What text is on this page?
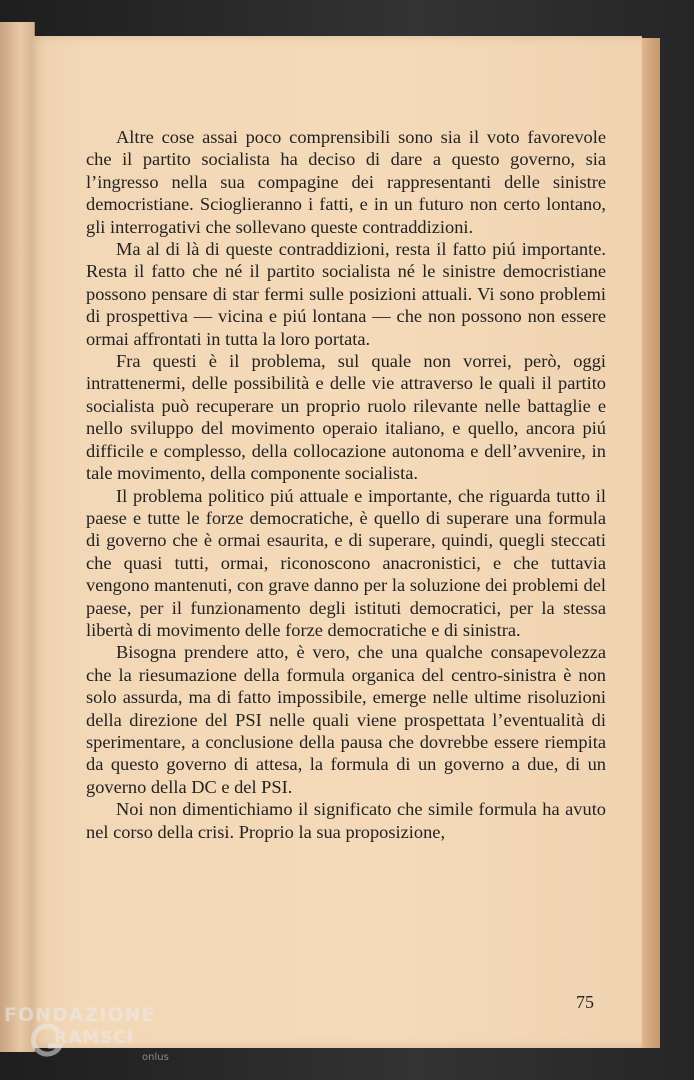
Altre cose assai poco comprensibili sono sia il voto favorevole che il partito socialista ha deciso di dare a questo governo, sia l’ingresso nella sua compagine dei rappresentanti delle sinistre democristiane. Scioglieranno i fatti, e in un futuro non certo lontano, gli interrogativi che sollevano queste contraddizioni.

Ma al di là di queste contraddizioni, resta il fatto piú importante. Resta il fatto che né il partito socialista né le sinistre democristiane possono pensare di star fermi sulle posizioni attuali. Vi sono problemi di prospettiva — vicina e piú lontana — che non possono non essere ormai affrontati in tutta la loro portata.

Fra questi è il problema, sul quale non vorrei, però, oggi intrattenermi, delle possibilità e delle vie attraverso le quali il partito socialista può recuperare un proprio ruolo rilevante nelle battaglie e nello sviluppo del movimento operaio italiano, e quello, ancora piú difficile e complesso, della collocazione autonoma e dell’avvenire, in tale movimento, della componente socialista.

Il problema politico piú attuale e importante, che riguarda tutto il paese e tutte le forze democratiche, è quello di superare una formula di governo che è ormai esaurita, e di superare, quindi, quegli steccati che quasi tutti, ormai, riconoscono anacronistici, e che tuttavia vengono mantenuti, con grave danno per la soluzione dei problemi del paese, per il funzionamento degli istituti democratici, per la stessa libertà di movimento delle forze democratiche e di sinistra.

Bisogna prendere atto, è vero, che una qualche consapevolezza che la riesumazione della formula organica del centro-sinistra è non solo assurda, ma di fatto impossibile, emerge nelle ultime risoluzioni della direzione del PSI nelle quali viene prospettata l’eventualità di sperimentare, a conclusione della pausa che dovrebbe essere riempita da questo governo di attesa, la formula di un governo a due, di un governo della DC e del PSI.

Noi non dimentichiamo il significato che simile formula ha avuto nel corso della crisi. Proprio la sua proposizione,

75
FONDAZIONE
RAMSCI
onlus
